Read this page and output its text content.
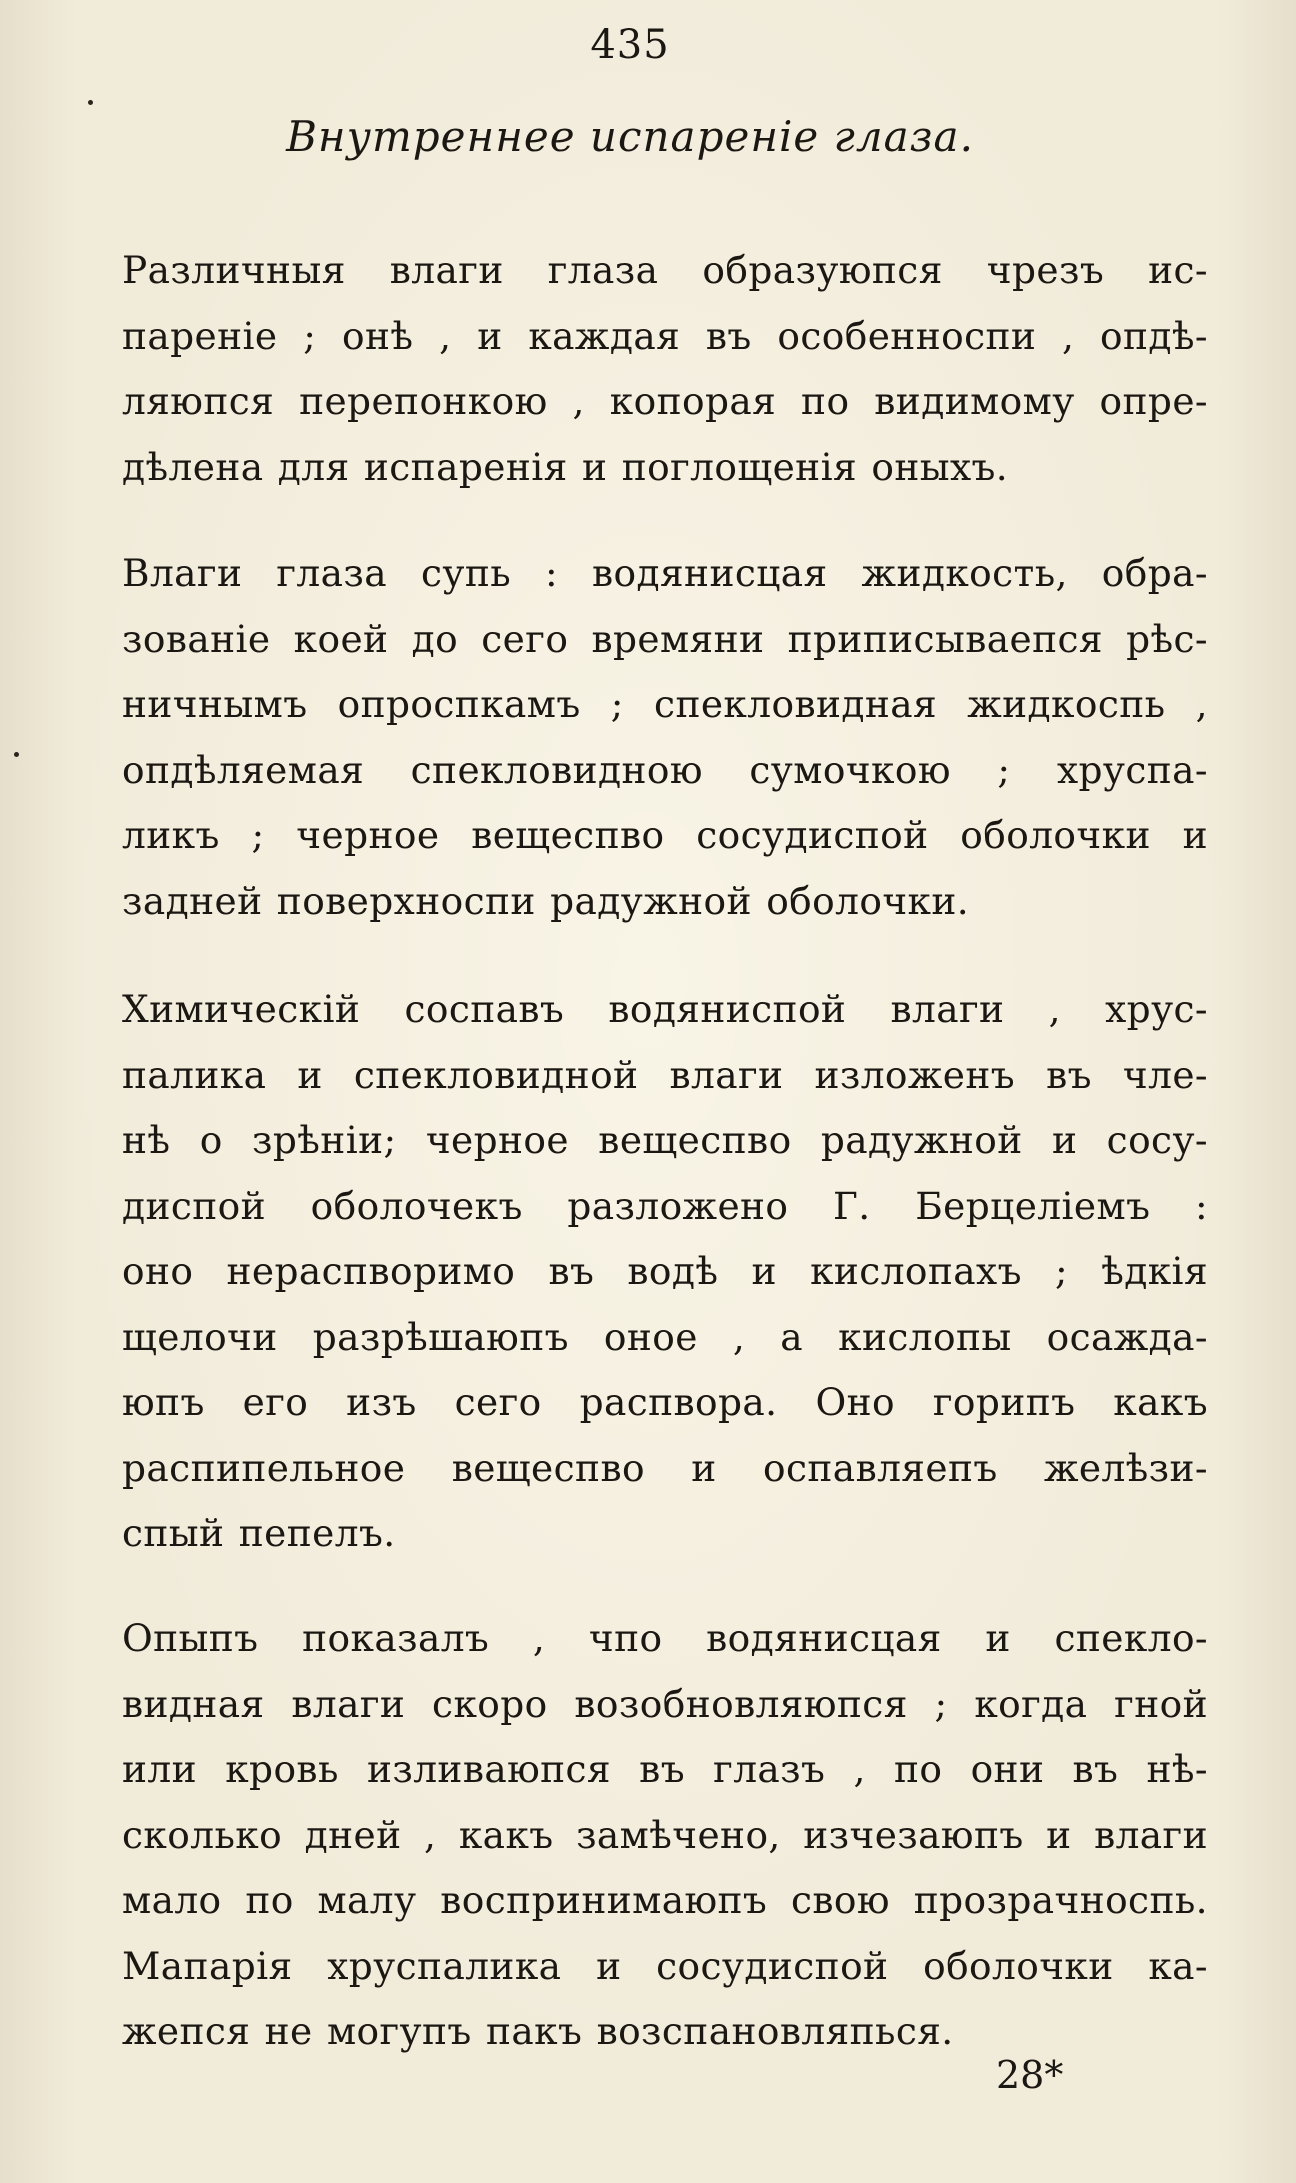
435
Внутреннее испареніе глаза.
Различныя влаги глаза образуюпся чрезъ ис-
пареніе ; онѣ , и каждая въ особенноспи , опдѣ-
ляюпся перепонкою , копорая по видимому опре-
дѣлена для испаренія и поглощенія оныхъ.
Влаги глаза супь : водянисцая жидкость, обра-
зованіе коей до сего времяни приписываепся рѣс-
ничнымъ опроспкамъ ; спекловидная жидкоспь ,
опдѣляемая спекловидною сумочкою ; хруспа-
ликъ ; черное вещеспво сосудиспой оболочки и
задней поверхноспи радужной оболочки.
Химическій соспавъ водяниспой влаги , хрус-
палика и спекловидной влаги изложенъ въ чле-
нѣ о зрѣніи; черное вещеспво радужной и сосу-
диспой оболочекъ разложено Г. Берцеліемъ :
оно нераспворимо въ водѣ и кислопахъ ; ѣдкія
щелочи разрѣшаюпъ оное , а кислопы осажда-
юпъ его изъ сего распвора. Оно горипъ какъ
распипельное вещеспво и оспавляепъ желѣзи-
спый пепелъ.
Опыпъ показалъ , чпо водянисцая и спекло-
видная влаги скоро возобновляюпся ; когда гной
или кровь изливаюпся въ глазъ , по они въ нѣ-
сколько дней , какъ замѣчено, изчезаюпъ и влаги
мало по малу воспринимаюпъ свою прозрачноспь.
Мапарія хруспалика и сосудиспой оболочки ка-
жепся не могупъ пакъ возспановляпься.
28*
